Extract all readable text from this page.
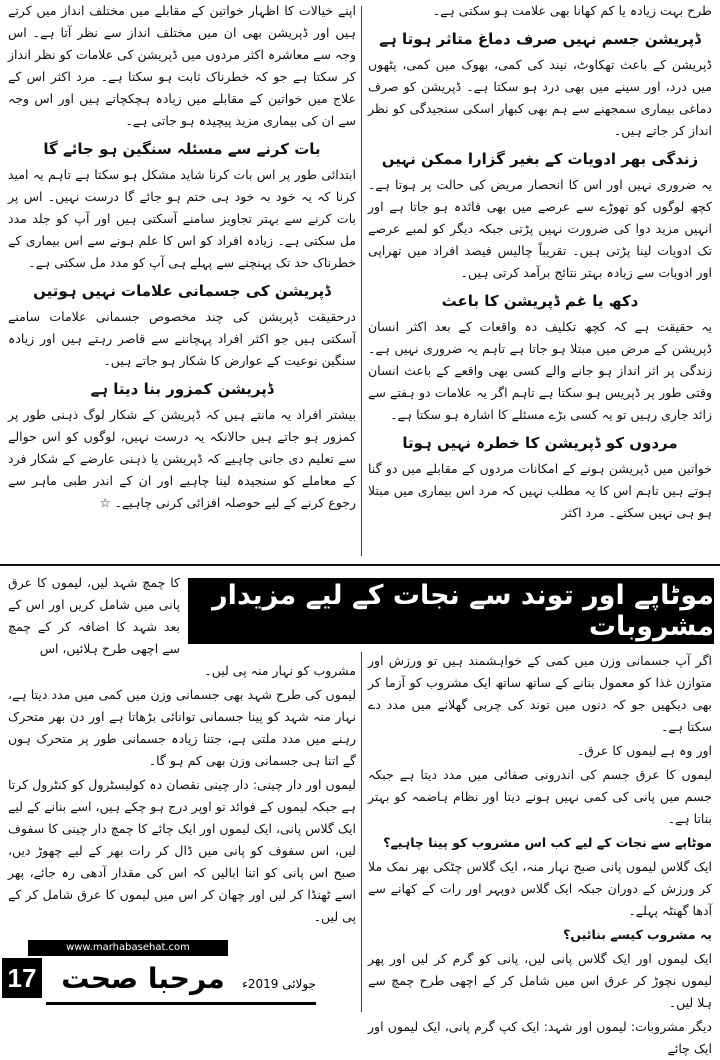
طرح بہت زیادہ یا کم کھانا بھی علامت ہو سکتی ہے۔

ڈپریشن جسم نہیں صرف دماغ متاثر ہوتا ہے

ڈپریشن کے باعث تھکاوٹ، نیند کی کمی، بھوک میں کمی، پٹھوں میں درد، اور سینے میں بھی درد ہو سکتا ہے۔ ڈپریشن کو صرف دماغی بیماری سمجھنے سے ہم بھی کبھار اسکی سنجیدگی کو نظر انداز کر جاتے ہیں۔

زندگی بھر ادویات کے بغیر گزارا ممکن نہیں

یہ ضروری نہیں اور اس کا انحصار مریض کی حالت پر ہوتا ہے۔ کچھ لوگوں کو تھوڑے سے عرصے میں بھی فائدہ ہو جاتا ہے اور انہیں مزید دوا کی ضرورت نہیں پڑتی جبکہ دیگر کو لمبے عرصے تک ادویات لینا پڑتی ہیں۔ تقریباً چالیس فیصد افراد میں تھراپی اور ادویات سے زیادہ بہتر نتائج برآمد کرتی ہیں۔

دکھ یا غم ڈپریشن کا باعث

یہ حقیقت ہے کہ کچھ تکلیف دہ واقعات کے بعد اکثر انسان ڈپریشن کے مرض میں مبتلا ہو جاتا ہے تاہم یہ ضروری نہیں ہے۔ زندگی پر اثر انداز ہو جانے والے کسی بھی واقعے کے باعث انسان وقتی طور پر ڈپریس ہو سکتا ہے تاہم اگر یہ علامات دو ہفتے سے زائد جاری رہیں تو یہ کسی بڑے مسئلے کا اشارہ ہو سکتا ہے۔

مردوں کو ڈپریشن کا خطرہ نہیں ہوتا

خواتین میں ڈپریشن ہونے کے امکانات مردوں کے مقابلے میں دو گنا ہوتے ہیں تاہم اس کا یہ مطلب نہیں کہ مرد اس بیماری میں مبتلا ہو ہی نہیں سکتے۔ مرد اکثر

اپنے خیالات کا اظہار خواتین کے مقابلے میں مختلف انداز میں کرتے ہیں اور ڈپریشن بھی ان میں مختلف انداز سے نظر آتا ہے۔ اس وجہ سے معاشرہ اکثر مردوں میں ڈپریشن کی علامات کو نظر انداز کر سکتا ہے جو کہ خطرناک ثابت ہو سکتا ہے۔ مرد اکثر اس کے علاج میں خواتین کے مقابلے میں زیادہ ہچکچاتے ہیں اور اس وجہ سے ان کی بیماری مزید پیچیدہ ہو جاتی ہے۔

بات کرنے سے مسئلہ سنگین ہو جائے گا

ابتدائی طور پر اس بات کرنا شاید مشکل ہو سکتا ہے تاہم یہ امید کرنا کہ یہ خود بہ خود ہی ختم ہو جائے گا درست نہیں۔ اس پر بات کرنے سے بہتر تجاویز سامنے آسکتی ہیں اور آپ کو جلد مدد مل سکتی ہے۔ زیادہ افراد کو اس کا علم ہونے سے اس بیماری کے خطرناک حد تک پہنچنے سے پہلے ہی آپ کو مدد مل سکتی ہے۔

ڈپریشن کی جسمانی علامات نہیں ہوتیں

درحقیقت ڈپریشن کی چند مخصوص جسمانی علامات سامنے آسکتی ہیں جو اکثر افراد پہچاننے سے قاصر رہتے ہیں اور زیادہ سنگین نوعیت کے عوارض کا شکار ہو جاتے ہیں۔

ڈپریشن کمزور بنا دیتا ہے

بیشتر افراد یہ مانتے ہیں کہ ڈپریشن کے شکار لوگ ذہنی طور پر کمزور ہو جاتے ہیں حالانکہ یہ درست نہیں، لوگوں کو اس حوالے سے تعلیم دی جانی چاہیے کہ ڈپریشن یا ذہنی عارضے کے شکار فرد کے معاملے کو سنجیدہ لینا چاہیے اور ان کے اندر طبی ماہر سے رجوع کرنے کے لیے حوصلہ افزائی کرنی چاہیے۔ ☆

موٹاپے اور توند سے نجات کے لیے مزیدار مشروبات

کا چمچ شہد لیں، لیموں کا عرق پانی میں شامل کریں اور اس کے بعد شہد کا اضافہ کر کے چمچ سے اچھی طرح ہلائیں، اس

اگر آپ جسمانی وزن میں کمی کے خواہشمند ہیں تو ورزش اور متوازن غذا کو معمول بنانے کے ساتھ ساتھ ایک مشروب کو آزما کر بھی دیکھیں جو کہ دنوں میں توند کی چربی گھلانے میں مدد دے سکتا ہے۔

اور وہ ہے لیموں کا عرق۔

لیموں کا عرق جسم کی اندرونی صفائی میں مدد دیتا ہے جبکہ جسم میں پانی کی کمی نہیں ہونے دیتا اور نظام ہاضمہ کو بہتر بناتا ہے۔

موٹاپے سے نجات کے لیے کب اس مشروب کو پینا چاہیے؟

ایک گلاس لیموں پانی صبح نہار منہ، ایک گلاس چٹکی بھر نمک ملا کر ورزش کے دوران جبکہ ایک گلاس دوپہر اور رات کے کھانے سے آدھا گھنٹہ پہلے۔

یہ مشروب کیسے بنائیں؟

ایک لیموں اور ایک گلاس پانی لیں، پانی کو گرم کر لیں اور پھر لیموں نچوڑ کر عرق اس میں شامل کر کے اچھی طرح چمچ سے ہلا لیں۔

دیگر مشروبات: لیموں اور شہد: ایک کپ گرم پانی، ایک لیموں اور ایک چائے

مشروب کو نہار منہ پی لیں۔

لیموں کی طرح شہد بھی جسمانی وزن میں کمی میں مدد دیتا ہے، نہار منہ شہد کو پینا جسمانی توانائی بڑھاتا ہے اور دن بھر متحرک رہنے میں مدد ملتی ہے، جتنا زیادہ جسمانی طور پر متحرک ہوں گے اتنا ہی جسمانی وزن بھی کم ہو گا۔

لیموں اور دار چینی: دار چینی نقصان دہ کولیسٹرول کو کنٹرول کرتا ہے جبکہ لیموں کے فوائد تو اوپر درج ہو چکے ہیں، اسے بنانے کے لیے ایک گلاس پانی، ایک لیموں اور ایک چائے کا چمچ دار چینی کا سفوف لیں، اس سفوف کو پانی میں ڈال کر رات بھر کے لیے چھوڑ دیں، صبح اس پانی کو اتنا ابالیں کہ اس کی مقدار آدھی رہ جائے، پھر اسے ٹھنڈا کر لیں اور چھان کر اس میں لیموں کا عرق شامل کر کے پی لیں۔

www.marhabasehat.com
17 مرحبا صحت	جولائی 2019ء
